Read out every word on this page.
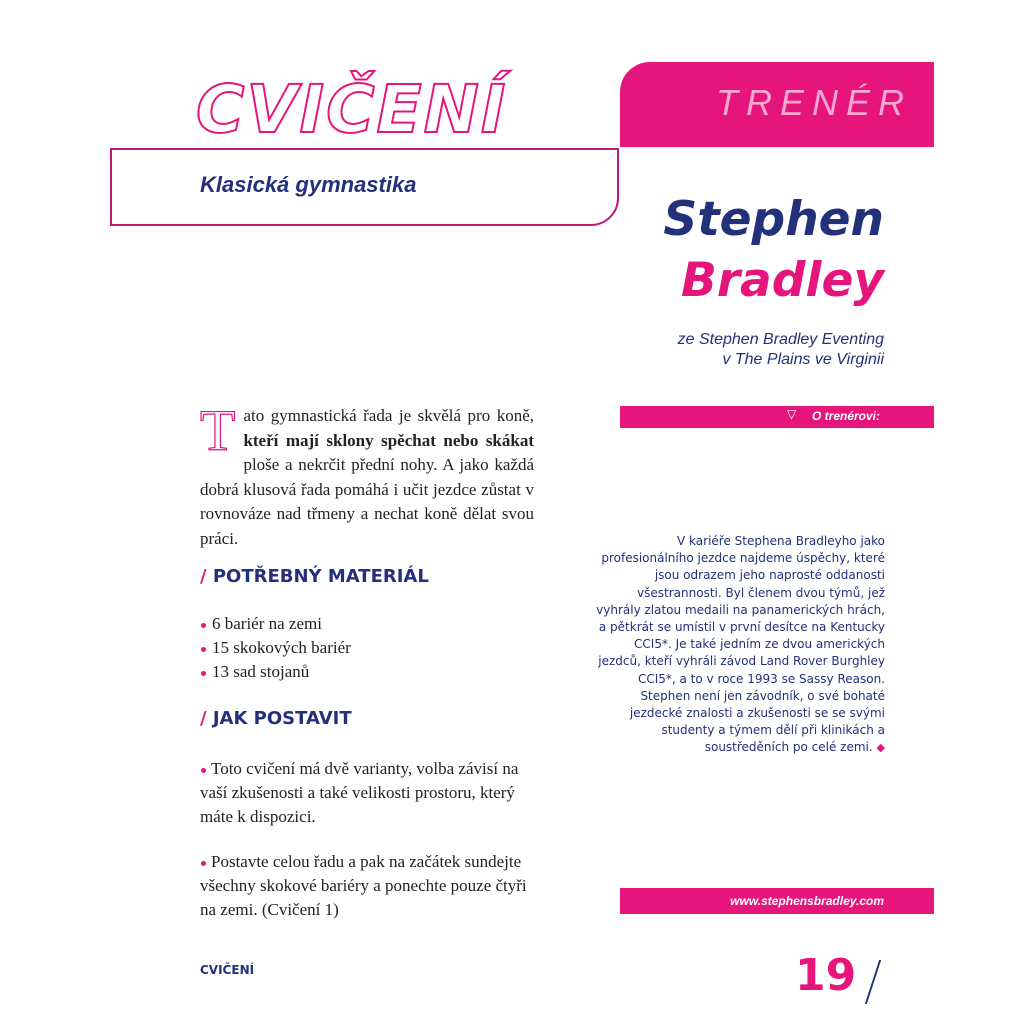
CVIČENÍ
Klasická gymnastika
TRENÉR
Stephen
Bradley
ze Stephen Bradley Eventing
v The Plains ve Virginii
▽ O trenérovi:
V kariéře Stephena Bradleyho jako profesionálního jezdce najdeme úspěchy, které jsou odrazem jeho naprosté oddanosti všestrannosti. Byl členem dvou týmů, jež vyhrály zlatou medaili na panamerických hrách, a pětkrát se umístil v první desítce na Kentucky CCI5*. Je také jedním ze dvou amerických jezdců, kteří vyhráli závod Land Rover Burghley CCI5*, a to v roce 1993 se Sassy Reason. Stephen není jen závodník, o své bohaté jezdecké znalosti a zkušenosti se se svými studenty a týmem dělí při klinikách a soustředěních po celé zemi. ◆
www.stephensbradley.com
Tato gymnastická řada je skvělá pro koně, kteří mají sklony spěchat nebo skákat ploše a nekrčit přední nohy. A jako každá dobrá klusová řada pomáhá i učit jezdce zůstat v rovnováze nad třmeny a nechat koně dělat svou práci.
/ POTŘEBNÝ MATERIÁL
6 bariér na zemi
15 skokových bariér
13 sad stojanů
/ JAK POSTAVIT
Toto cvičení má dvě varianty, volba závisí na vaší zkušenosti a také velikosti prostoru, který máte k dispozici.
Postavte celou řadu a pak na začátek sundejte všechny skokové bariéry a ponechte pouze čtyři na zemi. (Cvičení 1)
CVIČENÍ	19
